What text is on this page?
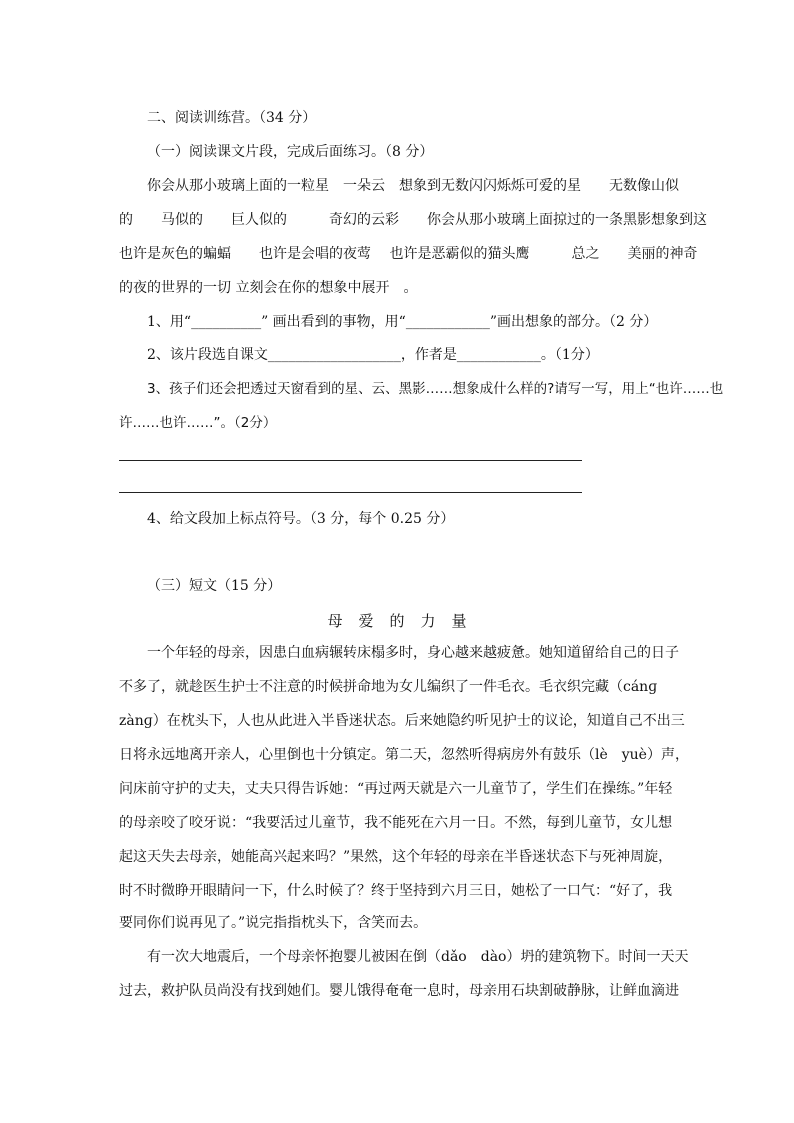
二、阅读训练营。（34 分）
（一）阅读课文片段，完成后面练习。（8 分）
你会从那小玻璃上面的一粒星　一朵云　想象到无数闪闪烁烁可爱的星　　无数像山似
的　　马似的　　巨人似的　　　奇幻的云彩　　你会从那小玻璃上面掠过的一条黑影想象到这
也许是灰色的蝙蝠　　也许是会唱的夜莺　 也许是恶霸似的猫头鹰　　　总之　　美丽的神奇
的夜的世界的一切 立刻会在你的想象中展开　。
1、用“__________” 画出看到的事物，用“____________”画出想象的部分。（2 分）
2、该片段选自课文___________________，作者是____________。（1分）
3、孩子们还会把透过天窗看到的星、云、黑影……想象成什么样的?请写一写，用上“也许……也
许……也许……”。（2分）
4、给文段加上标点符号。（3 分，每个 0.25 分）
（三）短文（15 分）
母爱的力量
一个年轻的母亲，因患白血病辗转床榻多时，身心越来越疲惫。她知道留给自己的日子
不多了，就趁医生护士不注意的时候拼命地为女儿编织了一件毛衣。毛衣织完藏（cánɡ
zànɡ）在枕头下，人也从此进入半昏迷状态。后来她隐约听见护士的议论，知道自己不出三
日将永远地离开亲人，心里倒也十分镇定。第二天，忽然听得病房外有鼓乐（lè　yuè）声，
问床前守护的丈夫，丈夫只得告诉她：“再过两天就是六一儿童节了，学生们在操练。”年轻
的母亲咬了咬牙说：“我要活过儿童节，我不能死在六月一日。不然，每到儿童节，女儿想
起这天失去母亲，她能高兴起来吗？”果然，这个年轻的母亲在半昏迷状态下与死神周旋，
时不时微睁开眼睛问一下，什么时候了？终于坚持到六月三日，她松了一口气：“好了，我
要同你们说再见了。”说完指指枕头下，含笑而去。
有一次大地震后，一个母亲怀抱婴儿被困在倒（dǎo　dào）坍的建筑物下。时间一天天
过去，救护队员尚没有找到她们。婴儿饿得奄奄一息时，母亲用石块割破静脉，让鲜血滴进
